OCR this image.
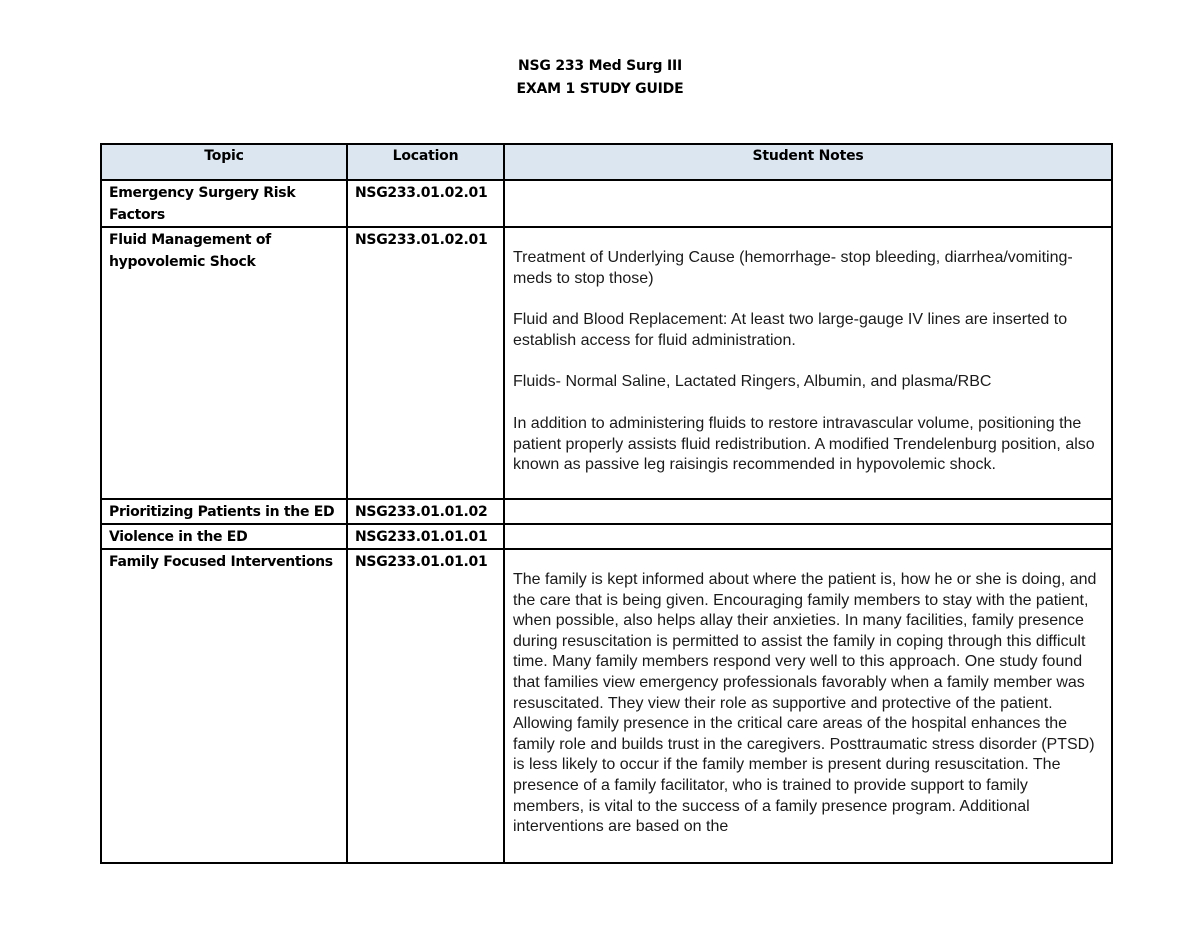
NSG 233 Med Surg III
EXAM 1 STUDY GUIDE
Topic	Location	Student Notes

Emergency Surgery Risk Factors	NSG233.01.02.01	

Fluid Management of hypovolemic Shock	NSG233.01.02.01	Treatment of Underlying Cause (hemorrhage- stop bleeding, diarrhea/vomiting- meds to stop those)

Fluid and Blood Replacement: At least two large-gauge IV lines are inserted to establish access for fluid administration.

Fluids- Normal Saline, Lactated Ringers, Albumin, and plasma/RBC

In addition to administering fluids to restore intravascular volume, positioning the patient properly assists fluid redistribution. A modified Trendelenburg position, also known as passive leg raisingis recommended in hypovolemic shock.

Prioritizing Patients in the ED	NSG233.01.01.02	

Violence in the ED	NSG233.01.01.01	

Family Focused Interventions	NSG233.01.01.01	The family is kept informed about where the patient is, how he or she is doing, and the care that is being given. Encouraging family members to stay with the patient, when possible, also helps allay their anxieties. In many facilities, family presence during resuscitation is permitted to assist the family in coping through this difficult time. Many family members respond very well to this approach. One study found that families view emergency professionals favorably when a family member was resuscitated. They view their role as supportive and protective of the patient. Allowing family presence in the critical care areas of the hospital enhances the family role and builds trust in the caregivers. Posttraumatic stress disorder (PTSD) is less likely to occur if the family member is present during resuscitation. The presence of a family facilitator, who is trained to provide support to family members, is vital to the success of a family presence program. Additional interventions are based on the
